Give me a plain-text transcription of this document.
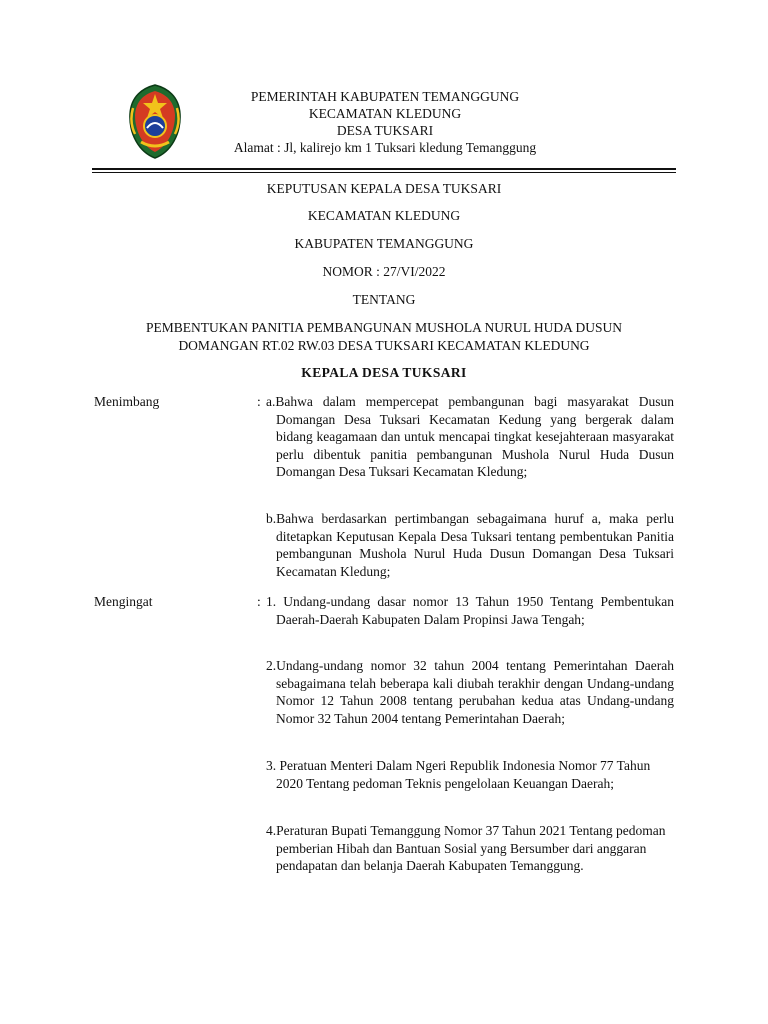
PEMERINTAH KABUPATEN TEMANGGUNG
KECAMATAN KLEDUNG
DESA TUKSARI
Alamat : Jl, kalirejo km 1 Tuksari kledung Temanggung
KEPUTUSAN KEPALA DESA TUKSARI
KECAMATAN KLEDUNG
KABUPATEN TEMANGGUNG
NOMOR : 27/VI/2022
TENTANG
PEMBENTUKAN PANITIA PEMBANGUNAN MUSHOLA NURUL HUDA DUSUN
DOMANGAN RT.02 RW.03 DESA TUKSARI KECAMATAN KLEDUNG
KEPALA DESA TUKSARI
Menimbang	: a.Bahwa dalam mempercepat pembangunan bagi masyarakat Dusun Domangan Desa Tuksari Kecamatan Kedung yang bergerak dalam bidang keagamaan dan untuk mencapai tingkat kesejahteraan masyarakat perlu dibentuk panitia pembangunan Mushola Nurul Huda Dusun Domangan Desa Tuksari Kecamatan Kledung;
b.Bahwa berdasarkan pertimbangan sebagaimana huruf a, maka perlu ditetapkan Keputusan Kepala Desa Tuksari tentang pembentukan Panitia pembangunan Mushola Nurul Huda Dusun Domangan Desa Tuksari Kecamatan Kledung;
Mengingat	: 1. Undang-undang dasar nomor 13 Tahun 1950 Tentang Pembentukan Daerah-Daerah Kabupaten Dalam Propinsi Jawa Tengah;
2.Undang-undang nomor 32 tahun 2004 tentang Pemerintahan Daerah sebagaimana telah beberapa kali diubah terakhir dengan Undang-undang Nomor 12 Tahun 2008 tentang perubahan kedua atas Undang-undang Nomor 32 Tahun 2004 tentang Pemerintahan Daerah;
3. Peratuan Menteri Dalam Ngeri Republik Indonesia Nomor 77 Tahun 2020 Tentang pedoman Teknis pengelolaan Keuangan Daerah;
4.Peraturan Bupati Temanggung Nomor 37 Tahun 2021 Tentang pedoman pemberian Hibah dan Bantuan Sosial yang Bersumber dari anggaran pendapatan dan belanja Daerah Kabupaten Temanggung.
